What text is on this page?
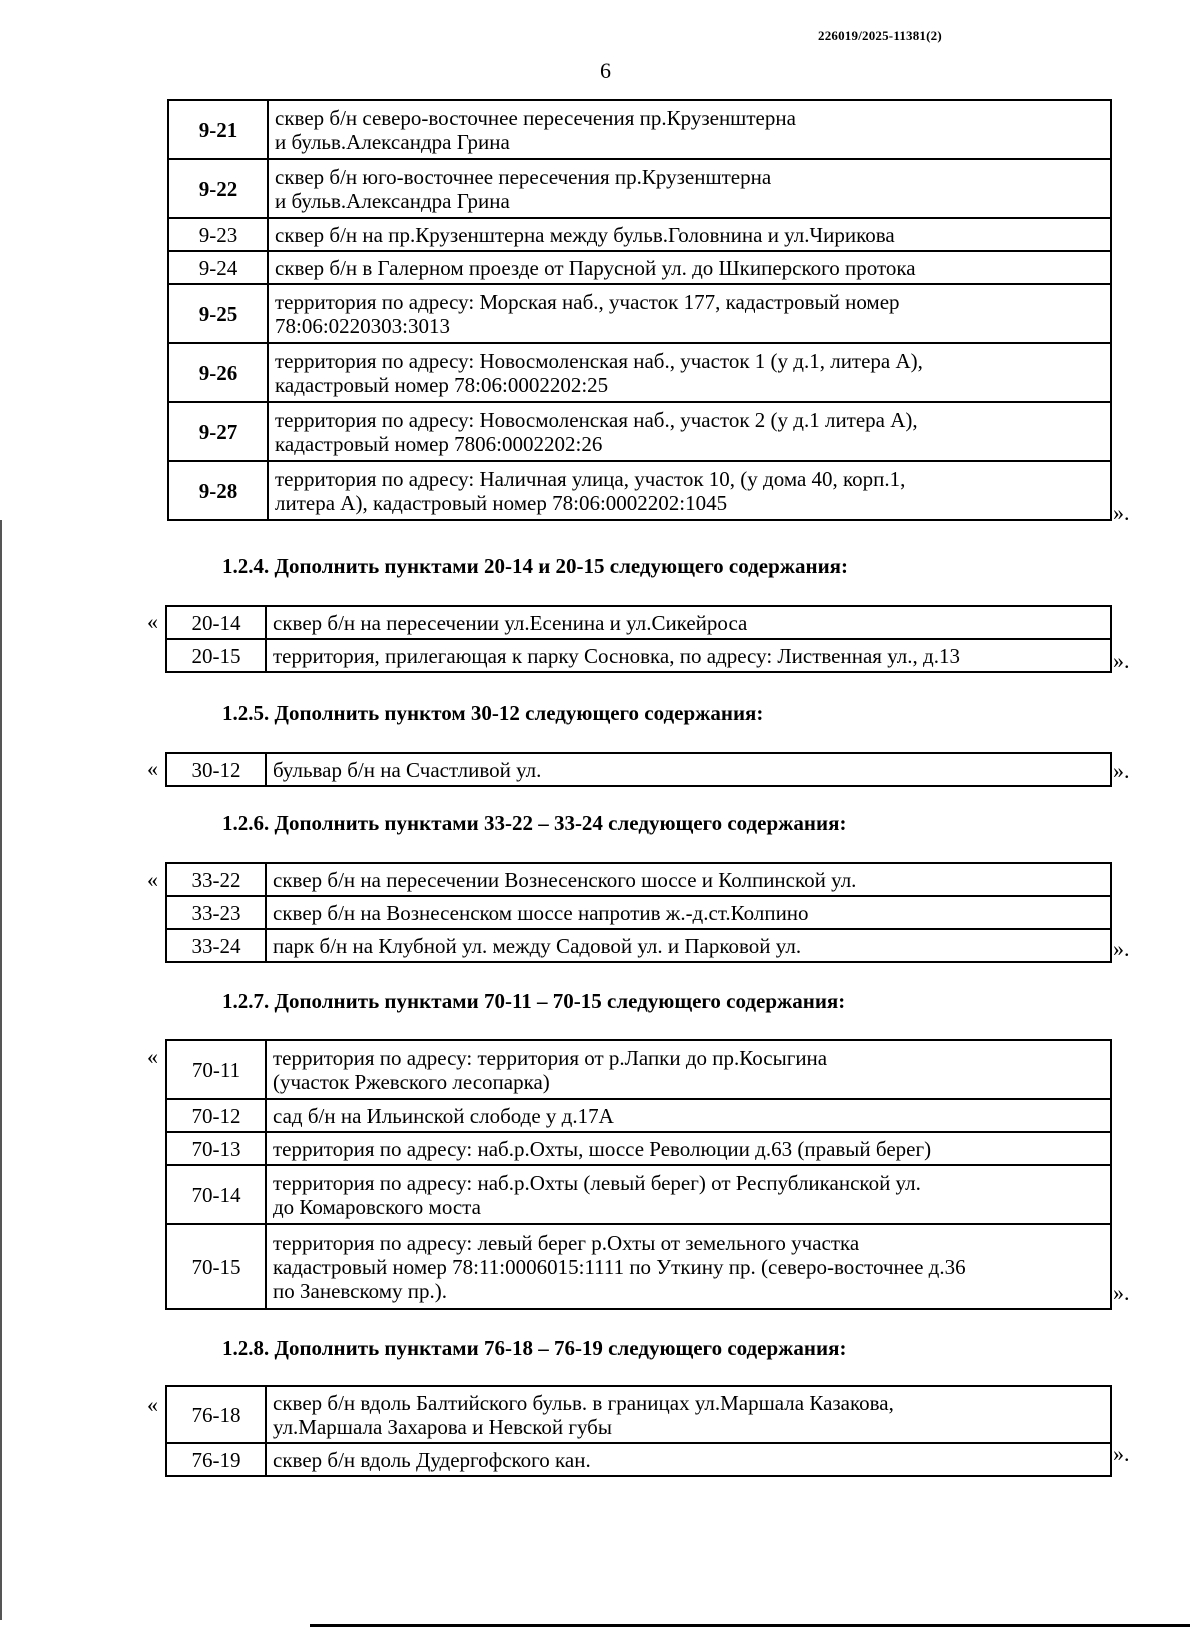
226019/2025-11381(2)
6
9-21	сквер б/н северо-восточнее пересечения пр.Крузенштерна
и бульв.Александра Грина
9-22	сквер б/н юго-восточнее пересечения пр.Крузенштерна
и бульв.Александра Грина
9-23	сквер б/н на пр.Крузенштерна между бульв.Головнина и ул.Чирикова
9-24	сквер б/н в Галерном проезде от Парусной ул. до Шкиперского протока
9-25	территория по адресу: Морская наб., участок 177, кадастровый номер
78:06:0220303:3013
9-26	территория по адресу: Новосмоленская наб., участок 1 (у д.1, литера А),
кадастровый номер 78:06:0002202:25
9-27	территория по адресу: Новосмоленская наб., участок 2 (у д.1 литера А),
кадастровый номер 7806:0002202:26
9-28	территория по адресу: Наличная улица, участок 10, (у дома 40, корп.1,
литера А), кадастровый номер 78:06:0002202:1045	».
1.2.4. Дополнить пунктами 20-14 и 20-15 следующего содержания:
« 20-14	сквер б/н на пересечении ул.Есенина и ул.Сикейроса
20-15	территория, прилегающая к парку Сосновка, по адресу: Лиственная ул., д.13	».
1.2.5. Дополнить пунктом 30-12 следующего содержания:
« 30-12	бульвар б/н на Счастливой ул.	».
1.2.6. Дополнить пунктами 33-22 – 33-24 следующего содержания:
« 33-22	сквер б/н на пересечении Вознесенского шоссе и Колпинской ул.
33-23	сквер б/н на Вознесенском шоссе напротив ж.-д.ст.Колпино
33-24	парк б/н на Клубной ул. между Садовой ул. и Парковой ул.	».
1.2.7. Дополнить пунктами 70-11 – 70-15 следующего содержания:
«
70-11	территория по адресу: территория от р.Лапки до пр.Косыгина
(участок Ржевского лесопарка)
70-12	сад б/н на Ильинской слободе у д.17А
70-13	территория по адресу: наб.р.Охты, шоссе Революции д.63 (правый берег)
70-14	территория по адресу: наб.р.Охты (левый берег) от Республиканской ул.
до Комаровского моста
70-15	территория по адресу: левый берег р.Охты от земельного участка
кадастровый номер 78:11:0006015:1111 по Уткину пр. (северо-восточнее д.36
по Заневскому пр.).	».
1.2.8. Дополнить пунктами 76-18 – 76-19 следующего содержания:
« 76-18	сквер б/н вдоль Балтийского бульв. в границах ул.Маршала Казакова,
ул.Маршала Захарова и Невской губы
76-19	сквер б/н вдоль Дудергофского кан.	».
